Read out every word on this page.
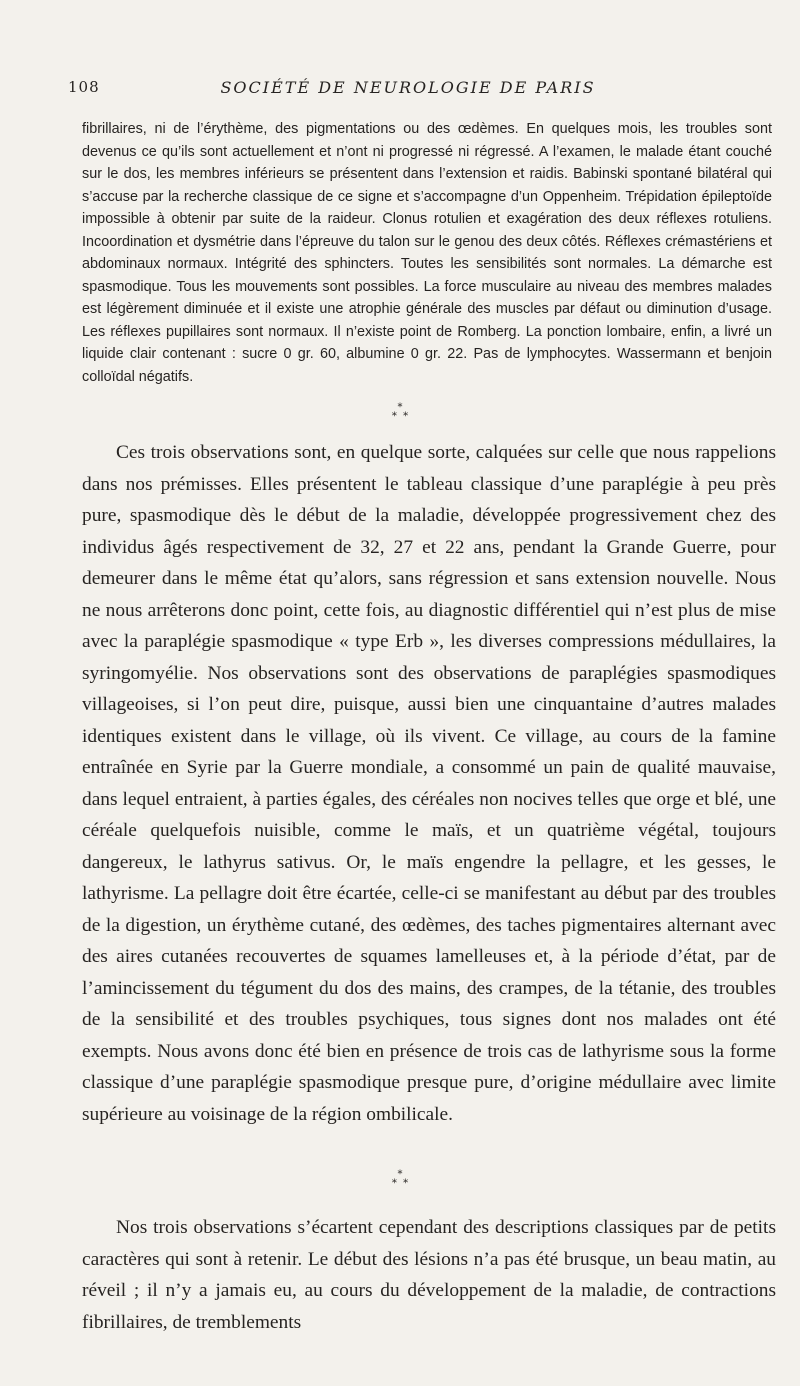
108	SOCIÉTÉ DE NEUROLOGIE DE PARIS

fibrillaires, ni de l’érythème, des pigmentations ou des œdèmes. En quelques mois, les troubles sont devenus ce qu’ils sont actuellement et n’ont ni progressé ni régressé. A l’examen, le malade étant couché sur le dos, les membres inférieurs se présentent dans l’extension et raidis. Babinski spontané bilatéral qui s’accuse par la recherche classique de ce signe et s’accompagne d’un Oppenheim. Trépidation épileptoïde impossible à obtenir par suite de la raideur. Clonus rotulien et exagération des deux réflexes rotuliens. Incoordination et dysmétrie dans l’épreuve du talon sur le genou des deux côtés. Réflexes crémastériens et abdominaux normaux. Intégrité des sphincters. Toutes les sensibilités sont normales. La démarche est spasmodique. Tous les mouvements sont possibles. La force musculaire au niveau des membres malades est légèrement diminuée et il existe une atrophie générale des muscles par défaut ou diminution d’usage. Les réflexes pupillaires sont normaux. Il n’existe point de Romberg. La ponction lombaire, enfin, a livré un liquide clair contenant : sucre 0 gr. 60, albumine 0 gr. 22. Pas de lymphocytes. Wassermann et benjoin colloïdal négatifs.

*
*  *

Ces trois observations sont, en quelque sorte, calquées sur celle que nous rappelions dans nos prémisses. Elles présentent le tableau classique d’une paraplégie à peu près pure, spasmodique dès le début de la maladie, développée progressivement chez des individus âgés respectivement de 32, 27 et 22 ans, pendant la Grande Guerre, pour demeurer dans le même état qu’alors, sans régression et sans extension nouvelle. Nous ne nous arrêterons donc point, cette fois, au diagnostic différentiel qui n’est plus de mise avec la paraplégie spasmodique « type Erb », les diverses compressions médullaires, la syringomyélie. Nos observations sont des observations de paraplégies spasmodiques villageoises, si l’on peut dire, puisque, aussi bien une cinquantaine d’autres malades identiques existent dans le village, où ils vivent. Ce village, au cours de la famine entraînée en Syrie par la Guerre mondiale, a consommé un pain de qualité mauvaise, dans lequel entraient, à parties égales, des céréales non nocives telles que orge et blé, une céréale quelquefois nuisible, comme le maïs, et un quatrième végétal, toujours dangereux, le lathyrus sativus. Or, le maïs engendre la pellagre, et les gesses, le lathyrisme. La pellagre doit être écartée, celle-ci se manifestant au début par des troubles de la digestion, un érythème cutané, des œdèmes, des taches pigmentaires alternant avec des aires cutanées recouvertes de squames lamelleuses et, à la période d’état, par de l’amincissement du tégument du dos des mains, des crampes, de la tétanie, des troubles de la sensibilité et des troubles psychiques, tous signes dont nos malades ont été exempts. Nous avons donc été bien en présence de trois cas de lathyrisme sous la forme classique d’une paraplégie spasmodique presque pure, d’origine médullaire avec limite supérieure au voisinage de la région ombilicale.

*
*  *

Nos trois observations s’écartent cependant des descriptions classiques par de petits caractères qui sont à retenir. Le début des lésions n’a pas été brusque, un beau matin, au réveil ; il n’y a jamais eu, au cours du développement de la maladie, de contractions fibrillaires, de tremblements
